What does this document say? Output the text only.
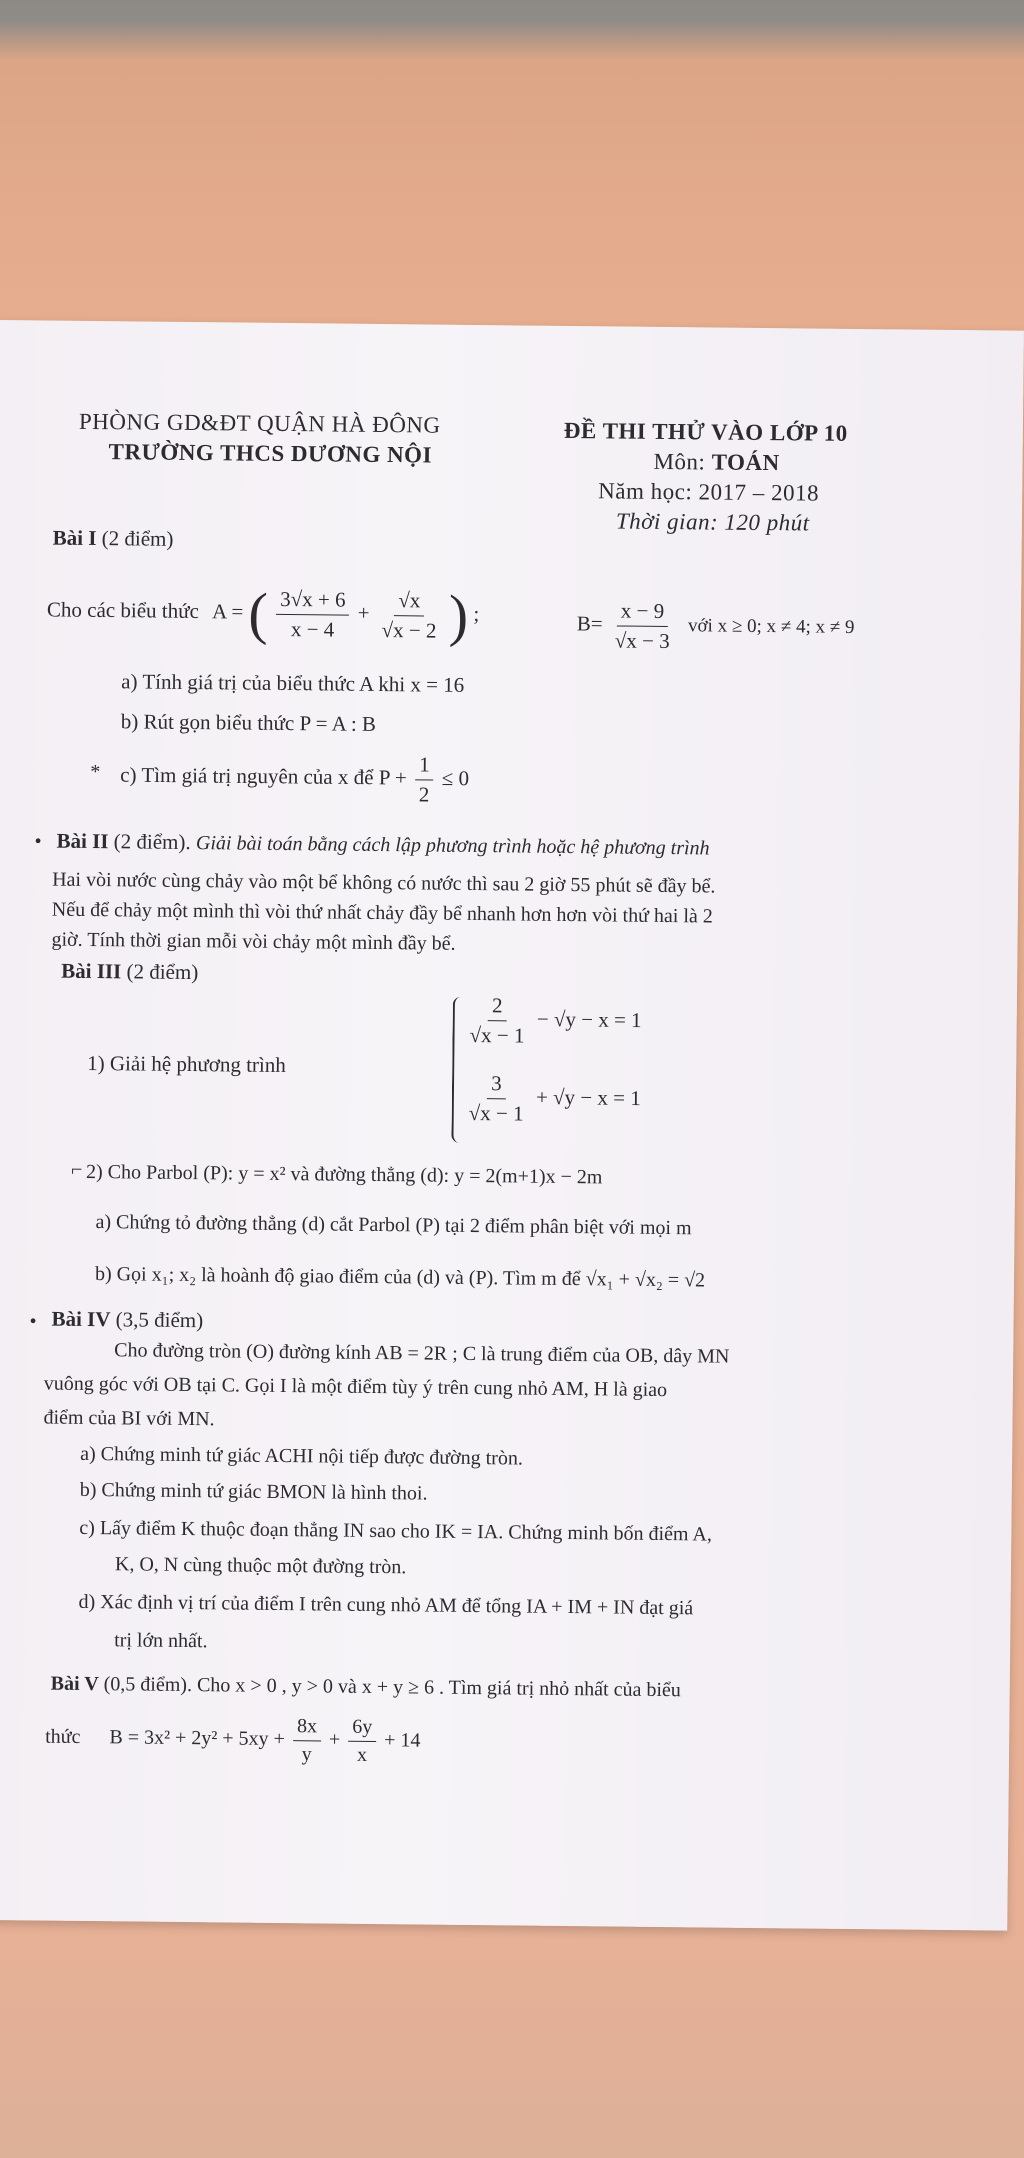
PHÒNG GD&ĐT QUẬN HÀ ĐÔNG
TRƯỜNG THCS DƯƠNG NỘI
ĐỀ THI THỬ VÀO LỚP 10
Môn: TOÁN
Năm học: 2017 – 2018
Thời gian: 120 phút
Bài I (2 điểm)
Cho các biểu thức A = ( $\frac{3√x + 6}{x - 4} + \frac{√x}{√x - 2}$ ) ;	$B= \frac{x - 9}{√x - 3}$ với x ≥ 0; x ≠ 4; x ≠ 9
a) Tính giá trị của biểu thức A khi x = 16
b) Rút gọn biểu thức P = A : B
* c) Tìm giá trị nguyên của x để $P + \frac{1}{2} \le 0$
• Bài II (2 điểm). Giải bài toán bằng cách lập phương trình hoặc hệ phương trình
Hai vòi nước cùng chảy vào một bể không có nước thì sau 2 giờ 55 phút sẽ đầy bể.
Nếu để chảy một mình thì vòi thứ nhất chảy đầy bể nhanh hơn hơn vòi thứ hai là 2
giờ. Tính thời gian mỗi vòi chảy một mình đầy bể.
Bài III (2 điểm)
1) Giải hệ phương trình
$\frac{2}{√x - 1} - √y - x = 1$
$\frac{3}{√x - 1} + √y - x = 1$
⌐ 2) Cho Parbol (P): y = x² và đường thẳng (d): y = 2(m+1)x − 2m
a) Chứng tỏ đường thẳng (d) cắt Parbol (P) tại 2 điểm phân biệt với mọi m
b) Gọi x₁; x₂ là hoành độ giao điểm của (d) và (P). Tìm m để √x₁ + √x₂ = √2
• Bài IV (3,5 điểm)
Cho đường tròn (O) đường kính AB = 2R ; C là trung điểm của OB, dây MN
vuông góc với OB tại C. Gọi I là một điểm tùy ý trên cung nhỏ AM, H là giao
điểm của BI với MN.
a) Chứng minh tứ giác ACHI nội tiếp được đường tròn.
b) Chứng minh tứ giác BMON là hình thoi.
c) Lấy điểm K thuộc đoạn thẳng IN sao cho IK = IA. Chứng minh bốn điểm A,
K, O, N cùng thuộc một đường tròn.
d) Xác định vị trí của điểm I trên cung nhỏ AM để tổng IA + IM + IN đạt giá
trị lớn nhất.
Bài V (0,5 điểm). Cho x > 0 , y > 0 và x + y ≥ 6 . Tìm giá trị nhỏ nhất của biểu
thức $B = 3x^2 + 2y^2 + 5xy + \frac{8x}{y} + \frac{6y}{x} + 14$
